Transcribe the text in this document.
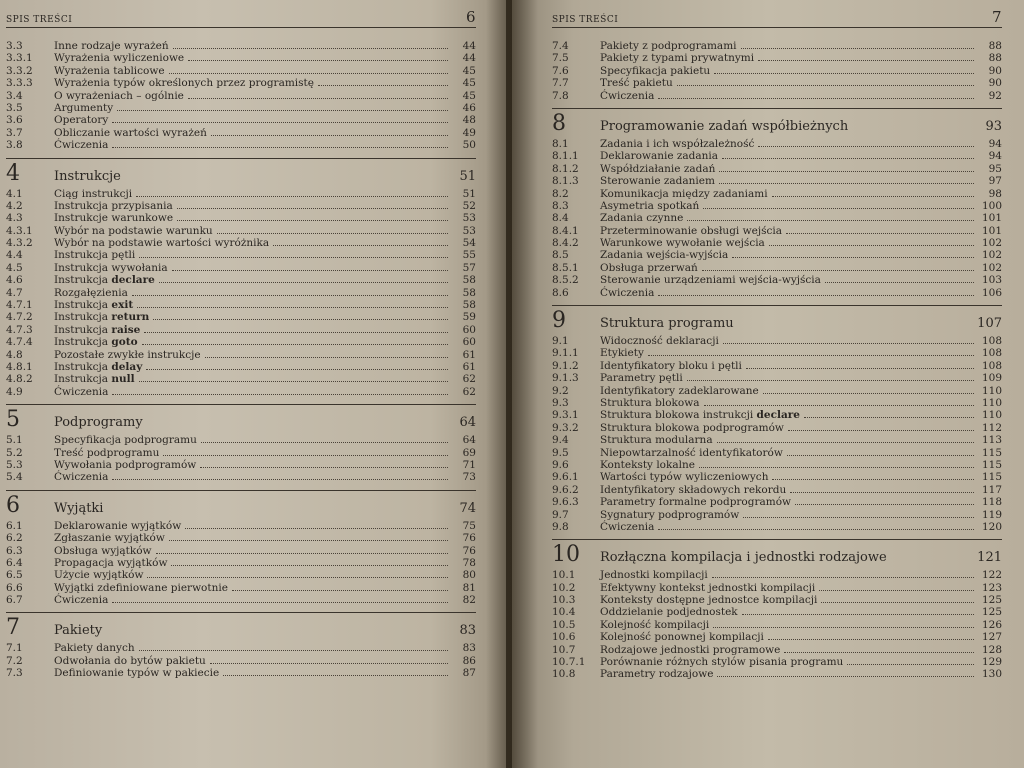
SPIS TREŚCI	6
3.3	Inne rodzaje wyrażeń	44
3.3.1	Wyrażenia wyliczeniowe	44
3.3.2	Wyrażenia tablicowe	45
3.3.3	Wyrażenia typów określonych przez programistę	45
3.4	O wyrażeniach – ogólnie	45
3.5	Argumenty	46
3.6	Operatory	48
3.7	Obliczanie wartości wyrażeń	49
3.8	Ćwiczenia	50
4	Instrukcje	51
4.1	Ciąg instrukcji	51
4.2	Instrukcja przypisania	52
4.3	Instrukcje warunkowe	53
4.3.1	Wybór na podstawie warunku	53
4.3.2	Wybór na podstawie wartości wyróżnika	54
4.4	Instrukcja pętli	55
4.5	Instrukcja wywołania	57
4.6	Instrukcja declare	58
4.7	Rozgałęzienia	58
4.7.1	Instrukcja exit	58
4.7.2	Instrukcja return	59
4.7.3	Instrukcja raise	60
4.7.4	Instrukcja goto	60
4.8	Pozostałe zwykłe instrukcje	61
4.8.1	Instrukcja delay	61
4.8.2	Instrukcja null	62
4.9	Ćwiczenia	62
5	Podprogramy	64
5.1	Specyfikacja podprogramu	64
5.2	Treść podprogramu	69
5.3	Wywołania podprogramów	71
5.4	Ćwiczenia	73
6	Wyjątki	74
6.1	Deklarowanie wyjątków	75
6.2	Zgłaszanie wyjątków	76
6.3	Obsługa wyjątków	76
6.4	Propagacja wyjątków	78
6.5	Użycie wyjątków	80
6.6	Wyjątki zdefiniowane pierwotnie	81
6.7	Ćwiczenia	82
7	Pakiety	83
7.1	Pakiety danych	83
7.2	Odwołania do bytów pakietu	86
7.3	Definiowanie typów w pakiecie	87
SPIS TREŚCI	7
7.4	Pakiety z podprogramami	88
7.5	Pakiety z typami prywatnymi	88
7.6	Specyfikacja pakietu	90
7.7	Treść pakietu	90
7.8	Ćwiczenia	92
8	Programowanie zadań współbieżnych	93
8.1	Zadania i ich współzależność	94
8.1.1	Deklarowanie zadania	94
8.1.2	Współdziałanie zadań	95
8.1.3	Sterowanie zadaniem	97
8.2	Komunikacja między zadaniami	98
8.3	Asymetria spotkań	100
8.4	Zadania czynne	101
8.4.1	Przeterminowanie obsługi wejścia	101
8.4.2	Warunkowe wywołanie wejścia	102
8.5	Zadania wejścia-wyjścia	102
8.5.1	Obsługa przerwań	102
8.5.2	Sterowanie urządzeniami wejścia-wyjścia	103
8.6	Ćwiczenia	106
9	Struktura programu	107
9.1	Widoczność deklaracji	108
9.1.1	Etykiety	108
9.1.2	Identyfikatory bloku i pętli	108
9.1.3	Parametry pętli	109
9.2	Identyfikatory zadeklarowane	110
9.3	Struktura blokowa	110
9.3.1	Struktura blokowa instrukcji declare	110
9.3.2	Struktura blokowa podprogramów	112
9.4	Struktura modularna	113
9.5	Niepowtarzalność identyfikatorów	115
9.6	Konteksty lokalne	115
9.6.1	Wartości typów wyliczeniowych	115
9.6.2	Identyfikatory składowych rekordu	117
9.6.3	Parametry formalne podprogramów	118
9.7	Sygnatury podprogramów	119
9.8	Ćwiczenia	120
10	Rozłączna kompilacja i jednostki rodzajowe	121
10.1	Jednostki kompilacji	122
10.2	Efektywny kontekst jednostki kompilacji	123
10.3	Konteksty dostępne jednostce kompilacji	125
10.4	Oddzielanie podjednostek	125
10.5	Kolejność kompilacji	126
10.6	Kolejność ponownej kompilacji	127
10.7	Rodzajowe jednostki programowe	128
10.7.1	Porównanie różnych stylów pisania programu	129
10.8	Parametry rodzajowe	130
